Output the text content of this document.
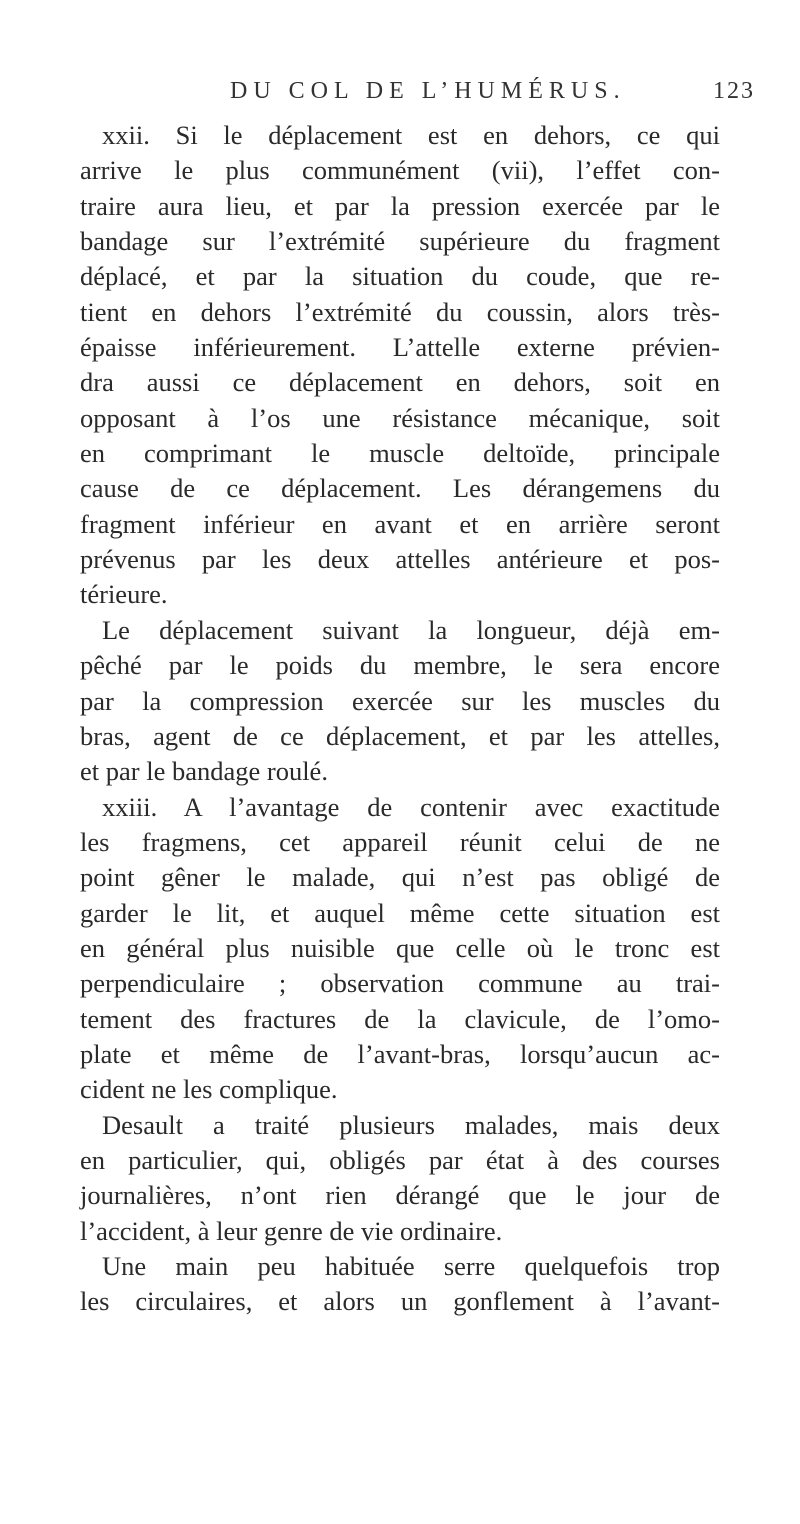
DU COL DE L’HUMÉRUS.	123
xxii. Si le déplacement est en dehors, ce qui
arrive le plus communément (vii), l’effet con-
traire aura lieu, et par la pression exercée par le
bandage sur l’extrémité supérieure du fragment
déplacé, et par la situation du coude, que re-
tient en dehors l’extrémité du coussin, alors très-
épaisse inférieurement. L’attelle externe prévien-
dra aussi ce déplacement en dehors, soit en
opposant à l’os une résistance mécanique, soit
en comprimant le muscle deltoïde, principale
cause de ce déplacement. Les dérangemens du
fragment inférieur en avant et en arrière seront
prévenus par les deux attelles antérieure et pos-
térieure.
Le déplacement suivant la longueur, déjà em-
pêché par le poids du membre, le sera encore
par la compression exercée sur les muscles du
bras, agent de ce déplacement, et par les attelles,
et par le bandage roulé.
xxiii. A l’avantage de contenir avec exactitude
les fragmens, cet appareil réunit celui de ne
point gêner le malade, qui n’est pas obligé de
garder le lit, et auquel même cette situation est
en général plus nuisible que celle où le tronc est
perpendiculaire ; observation commune au trai-
tement des fractures de la clavicule, de l’omo-
plate et même de l’avant-bras, lorsqu’aucun ac-
cident ne les complique.
Desault a traité plusieurs malades, mais deux
en particulier, qui, obligés par état à des courses
journalières, n’ont rien dérangé que le jour de
l’accident, à leur genre de vie ordinaire.
Une main peu habituée serre quelquefois trop
les circulaires, et alors un gonflement à l’avant-
